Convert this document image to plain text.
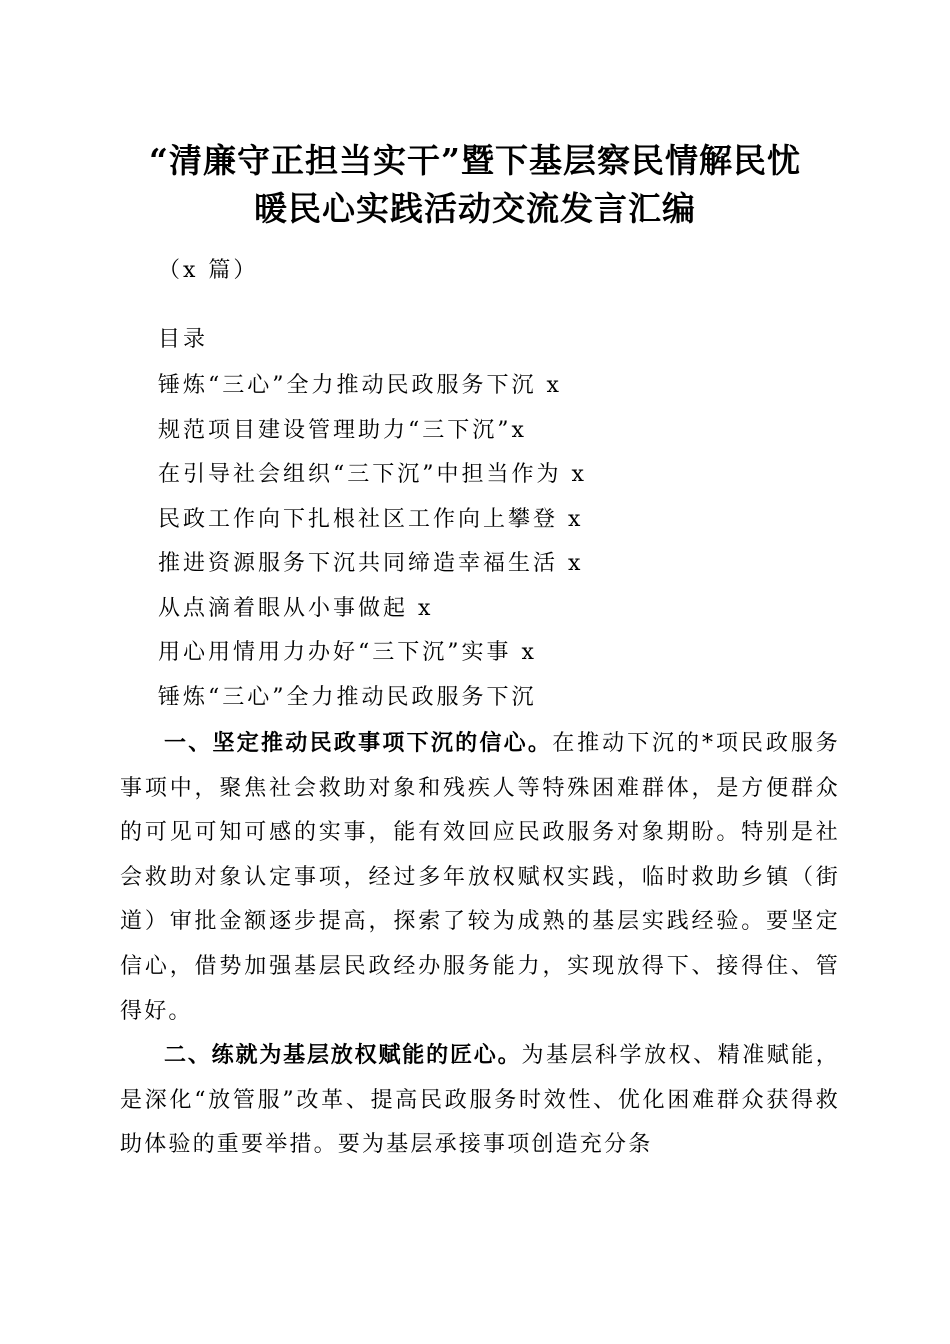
“清廉守正担当实干”暨下基层察民情解民忧
暖民心实践活动交流发言汇编
（x 篇）
目录
锤炼“三心”全力推动民政服务下沉 x
规范项目建设管理助力“三下沉”x
在引导社会组织“三下沉”中担当作为 x
民政工作向下扎根社区工作向上攀登 x
推进资源服务下沉共同缔造幸福生活 x
从点滴着眼从小事做起 x
用心用情用力办好“三下沉”实事 x
锤炼“三心”全力推动民政服务下沉

一、坚定推动民政事项下沉的信心。在推动下沉的*项民政服务事项中，聚焦社会救助对象和残疾人等特殊困难群体，是方便群众的可见可知可感的实事，能有效回应民政服务对象期盼。特别是社会救助对象认定事项，经过多年放权赋权实践，临时救助乡镇（街道）审批金额逐步提高，探索了较为成熟的基层实践经验。要坚定信心，借势加强基层民政经办服务能力，实现放得下、接得住、管得好。

二、练就为基层放权赋能的匠心。为基层科学放权、精准赋能，是深化“放管服”改革、提高民政服务时效性、优化困难群众获得救助体验的重要举措。要为基层承接事项创造充分条
